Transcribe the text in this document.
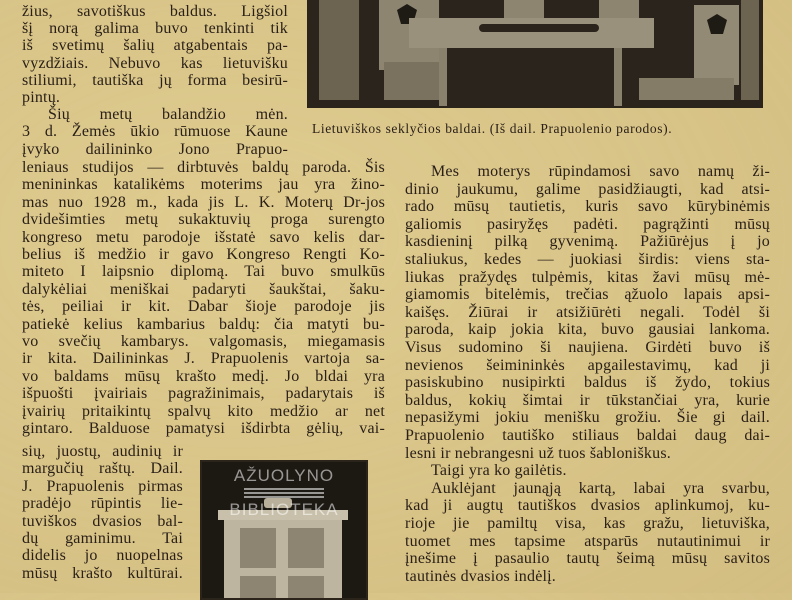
Lietuviškos seklyčios baldai. (Iš dail. Prapuolenio parodos).
žius, savotiškus baldus. Ligšiol
šį norą galima buvo tenkinti tik
iš svetimų šalių atgabentais pa-
vyzdžiais. Nebuvo kas lietuvišku
stiliumi, tautiška jų forma besirū-
pintų.
Šių metų balandžio mėn.
3 d. Žemės ūkio rūmuose Kaune
įvyko dailininko Jono Prapuo-
leniaus studijos — dirbtuvės baldų paroda. Šis
menininkas katalikėms moterims jau yra žino-
mas nuo 1928 m., kada jis L. K. Moterų Dr-jos
dvidešimties metų sukaktuvių proga surengto
kongreso metu parodoje išstatė savo kelis dar-
belius iš medžio ir gavo Kongreso Rengti Ko-
miteto I laipsnio diplomą. Tai buvo smulkūs
dalykėliai meniškai padaryti šaukštai, šaku-
tės, peiliai ir kit. Dabar šioje parodoje jis
patiekė kelius kambarius baldų: čia matyti bu-
vo svečių kambarys. valgomasis, miegamasis
ir kita. Dailininkas J. Prapuolenis vartoja sa-
vo baldams mūsų krašto medį. Jo bldai yra
išpuošti įvairiais pagražinimais, padarytais iš
įvairių pritaikintų spalvų kito medžio ar net
gintaro. Balduose pamatysi išdirbta gėlių, vai-
sių, juostų, audinių ir
margučių raštų. Dail.
J. Prapuolenis pirmas
pradėjo rūpintis lie-
tuviškos dvasios bal-
dų gaminimu. Tai
didelis jo nuopelnas
mūsų krašto kultūrai.
Mes moterys rūpindamosi savo namų ži-
dinio jaukumu, galime pasidžiaugti, kad atsi-
rado mūsų tautietis, kuris savo kūrybinėmis
galiomis pasiryžęs padėti. pagrąžinti mūsų
kasdieninį pilką gyvenimą. Pažiūrėjus į jo
staliukus, kedes — juokiasi širdis: viens sta-
liukas pražydęs tulpėmis, kitas žavi mūsų mė-
giamomis bitelėmis, trečias ąžuolo lapais apsi-
kaišęs. Žiūrai ir atsižiūrėti negali. Todėl ši
paroda, kaip jokia kita, buvo gausiai lankoma.
Visus sudomino ši naujiena. Girdėti buvo iš
nevienos šeimininkės apgailestavimų, kad ji
pasiskubino nusipirkti baldus iš žydo, tokius
baldus, kokių šimtai ir tūkstančiai yra, kurie
nepasižymi jokiu menišku grožiu. Šie gi dail.
Prapuolenio tautiško stiliaus baldai daug dai-
lesni ir nebrangesni už tuos šabloniškus.
Taigi yra ko gailėtis.
Auklėjant jaunąją kartą, labai yra svarbu,
kad ji augtų tautiškos dvasios aplinkumoj, ku-
rioje jie pamiltų visa, kas gražu, lietuviška,
tuomet mes tapsime atsparūs nutautinimui ir
įnešime į pasaulio tautų šeimą mūsų savitos
tautinės dvasios indėlį.
AŽUOLYNO
BIBLIOTEKA
